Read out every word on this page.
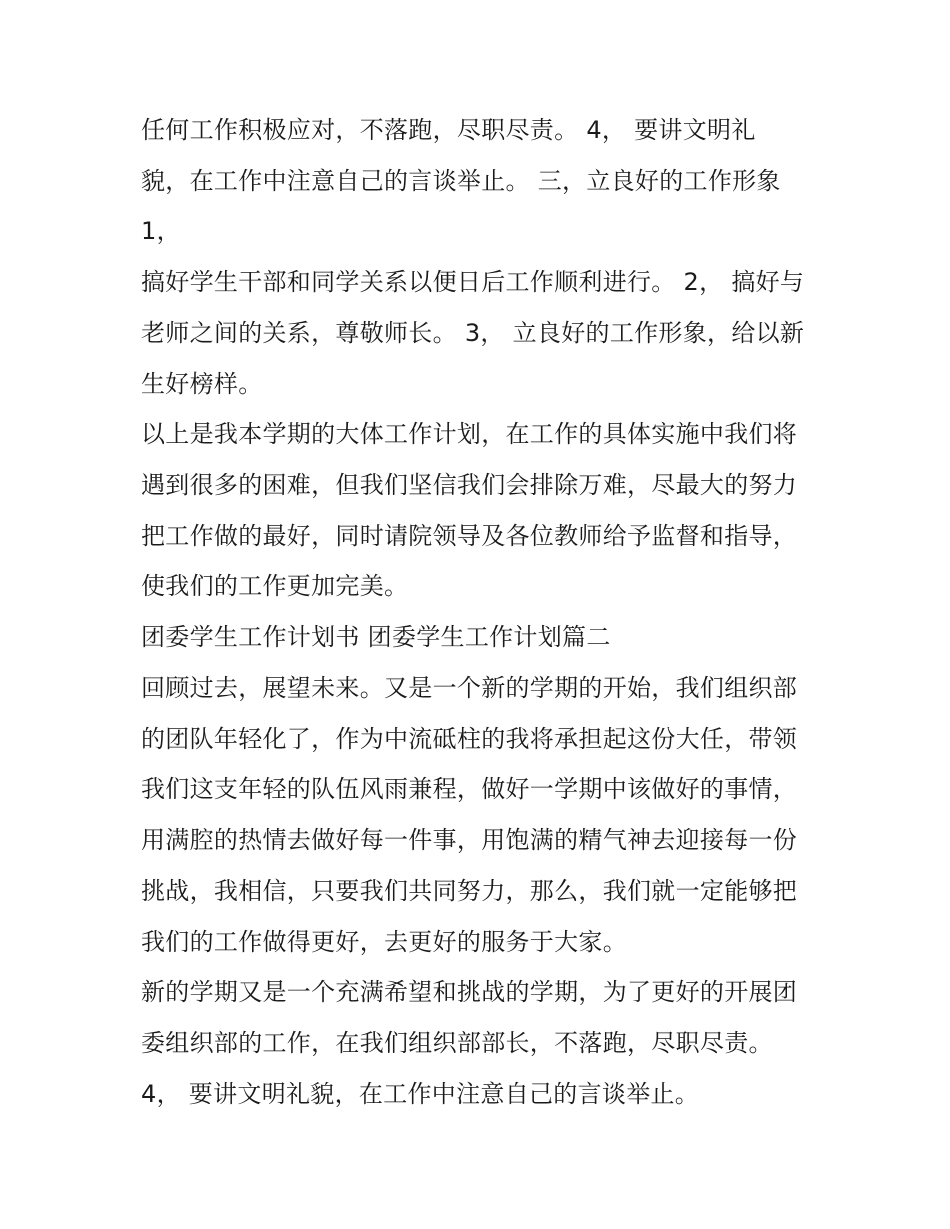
任何工作积极应对，不落跑，尽职尽责。 4， 要讲文明礼
貌，在工作中注意自己的言谈举止。 三，立良好的工作形象
1，
搞好学生干部和同学关系以便日后工作顺利进行。 2， 搞好与
老师之间的关系，尊敬师长。 3， 立良好的工作形象，给以新
生好榜样。
以上是我本学期的大体工作计划，在工作的具体实施中我们将
遇到很多的困难，但我们坚信我们会排除万难，尽最大的努力
把工作做的最好，同时请院领导及各位教师给予监督和指导，
使我们的工作更加完美。
团委学生工作计划书 团委学生工作计划篇二
回顾过去，展望未来。又是一个新的学期的开始，我们组织部
的团队年轻化了，作为中流砥柱的我将承担起这份大任，带领
我们这支年轻的队伍风雨兼程，做好一学期中该做好的事情，
用满腔的热情去做好每一件事，用饱满的精气神去迎接每一份
挑战，我相信，只要我们共同努力，那么，我们就一定能够把
我们的工作做得更好，去更好的服务于大家。
新的学期又是一个充满希望和挑战的学期，为了更好的开展团
委组织部的工作，在我们组织部部长，不落跑，尽职尽责。
4， 要讲文明礼貌，在工作中注意自己的言谈举止。
